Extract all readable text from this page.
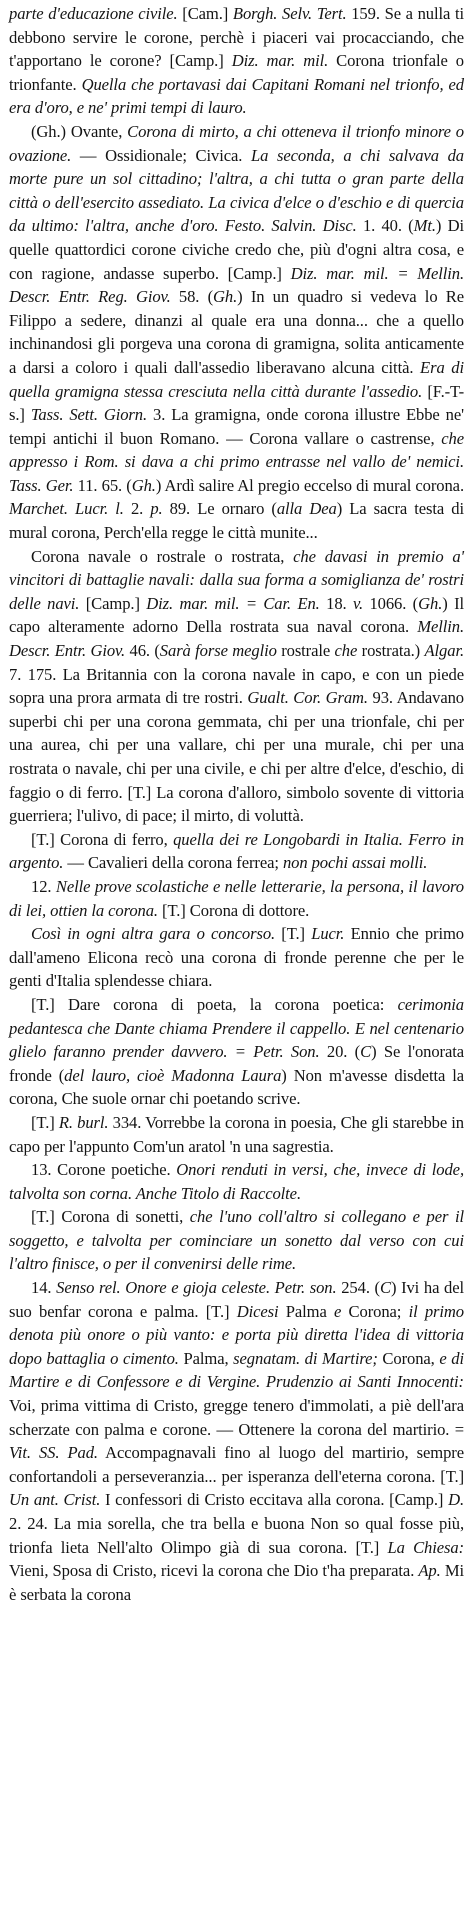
parte d'educazione civile. [Cam.] Borgh. Selv. Tert. 159. Se a nulla ti debbono servire le corone, perchè i piaceri vai procacciando, che t'apportano le corone? [Camp.] Diz. mar. mil. Corona trionfale o trionfante. Quella che portavasi dai Capitani Romani nel trionfo, ed era d'oro, e ne' primi tempi di lauro.

(Gh.) Ovante, Corona di mirto, a chi otteneva il trionfo minore o ovazione. — Ossidionale; Civica. La seconda, a chi salvava da morte pure un sol cittadino; l'altra, a chi tutta o gran parte della città o dell'esercito assediato. La civica d'elce o d'eschio e di quercia da ultimo: l'altra, anche d'oro. Festo. Salvin. Disc. 1. 40. (Mt.) Di quelle quattordici corone civiche credo che, più d'ogni altra cosa, e con ragione, andasse superbo. [Camp.] Diz. mar. mil. = Mellin. Descr. Entr. Reg. Giov. 58. (Gh.) In un quadro si vedeva lo Re Filippo a sedere, dinanzi al quale era una donna... che a quello inchinandosi gli porgeva una corona di gramigna, solita anticamente a darsi a coloro i quali dall'assedio liberavano alcuna città. Era di quella gramigna stessa cresciuta nella città durante l'assedio. [F.-T-s.] Tass. Sett. Giorn. 3. La gramigna, onde corona illustre Ebbe ne' tempi antichi il buon Romano. — Corona vallare o castrense, che appresso i Rom. si dava a chi primo entrasse nel vallo de' nemici. Tass. Ger. 11. 65. (Gh.) Ardì salire Al pregio eccelso di mural corona. Marchet. Lucr. l. 2. p. 89. Le ornaro (alla Dea) La sacra testa di mural corona, Perch'ella regge le città munite...

Corona navale o rostrale o rostrata, che davasi in premio a' vincitori di battaglie navali: dalla sua forma a somiglianza de' rostri delle navi. [Camp.] Diz. mar. mil. = Car. En. 18. v. 1066. (Gh.) Il capo alteramente adorno Della rostrata sua naval corona. Mellin. Descr. Entr. Giov. 46. (Sarà forse meglio rostrale che rostrata.) Algar. 7. 175. La Britannia con la corona navale in capo, e con un piede sopra una prora armata di tre rostri. Gualt. Cor. Gram. 93. Andavano superbi chi per una corona gemmata, chi per una trionfale, chi per una aurea, chi per una vallare, chi per una murale, chi per una rostrata o navale, chi per una civile, e chi per altre d'elce, d'eschio, di faggio o di ferro. [T.] La corona d'alloro, simbolo sovente di vittoria guerriera; l'ulivo, di pace; il mirto, di voluttà.

[T.] Corona di ferro, quella dei re Longobardi in Italia. Ferro in argento. — Cavalieri della corona ferrea; non pochi assai molli.

12. Nelle prove scolastiche e nelle letterarie, la persona, il lavoro di lei, ottien la corona. [T.] Corona di dottore.

Così in ogni altra gara o concorso. [T.] Lucr. Ennio che primo dall'ameno Elicona recò una corona di fronde perenne che per le genti d'Italia splendesse chiara.

[T.] Dare corona di poeta, la corona poetica: cerimonia pedantesca che Dante chiama Prendere il cappello. E nel centenario glielo faranno prender davvero. = Petr. Son. 20. (C) Se l'onorata fronde (del lauro, cioè Madonna Laura) Non m'avesse disdetta la corona, Che suole ornar chi poetando scrive.

[T.] R. burl. 334. Vorrebbe la corona in poesia, Che gli starebbe in capo per l'appunto Com'un aratol 'n una sagrestia.

13. Corone poetiche. Onori renduti in versi, che, invece di lode, talvolta son corna. Anche Titolo di Raccolte.

[T.] Corona di sonetti, che l'uno coll'altro si collegano e per il soggetto, e talvolta per cominciare un sonetto dal verso con cui l'altro finisce, o per il convenirsi delle rime.

14. Senso rel. Onore e gioja celeste. Petr. son. 254. (C) Ivi ha del suo benfar corona e palma. [T.] Dicesi Palma e Corona; il primo denota più onore o più vanto: e porta più diretta l'idea di vittoria dopo battaglia o cimento. Palma, segnatam. di Martire; Corona, e di Martire e di Confessore e di Vergine. Prudenzio ai Santi Innocenti: Voi, prima vittima di Cristo, gregge tenero d'immolati, a piè dell'ara scherzate con palma e corone. — Ottenere la corona del martirio. = Vit. SS. Pad. Accompagnavali fino al luogo del martirio, sempre confortandoli a perseveranzia... per isperanza dell'eterna corona. [T.] Un ant. Crist. I confessori di Cristo eccitava alla corona. [Camp.] D. 2. 24. La mia sorella, che tra bella e buona Non so qual fosse più, trionfa lieta Nell'alto Olimpo già di sua corona. [T.] La Chiesa: Vieni, Sposa di Cristo, ricevi la corona che Dio t'ha preparata. Ap. Mi è serbata la corona
